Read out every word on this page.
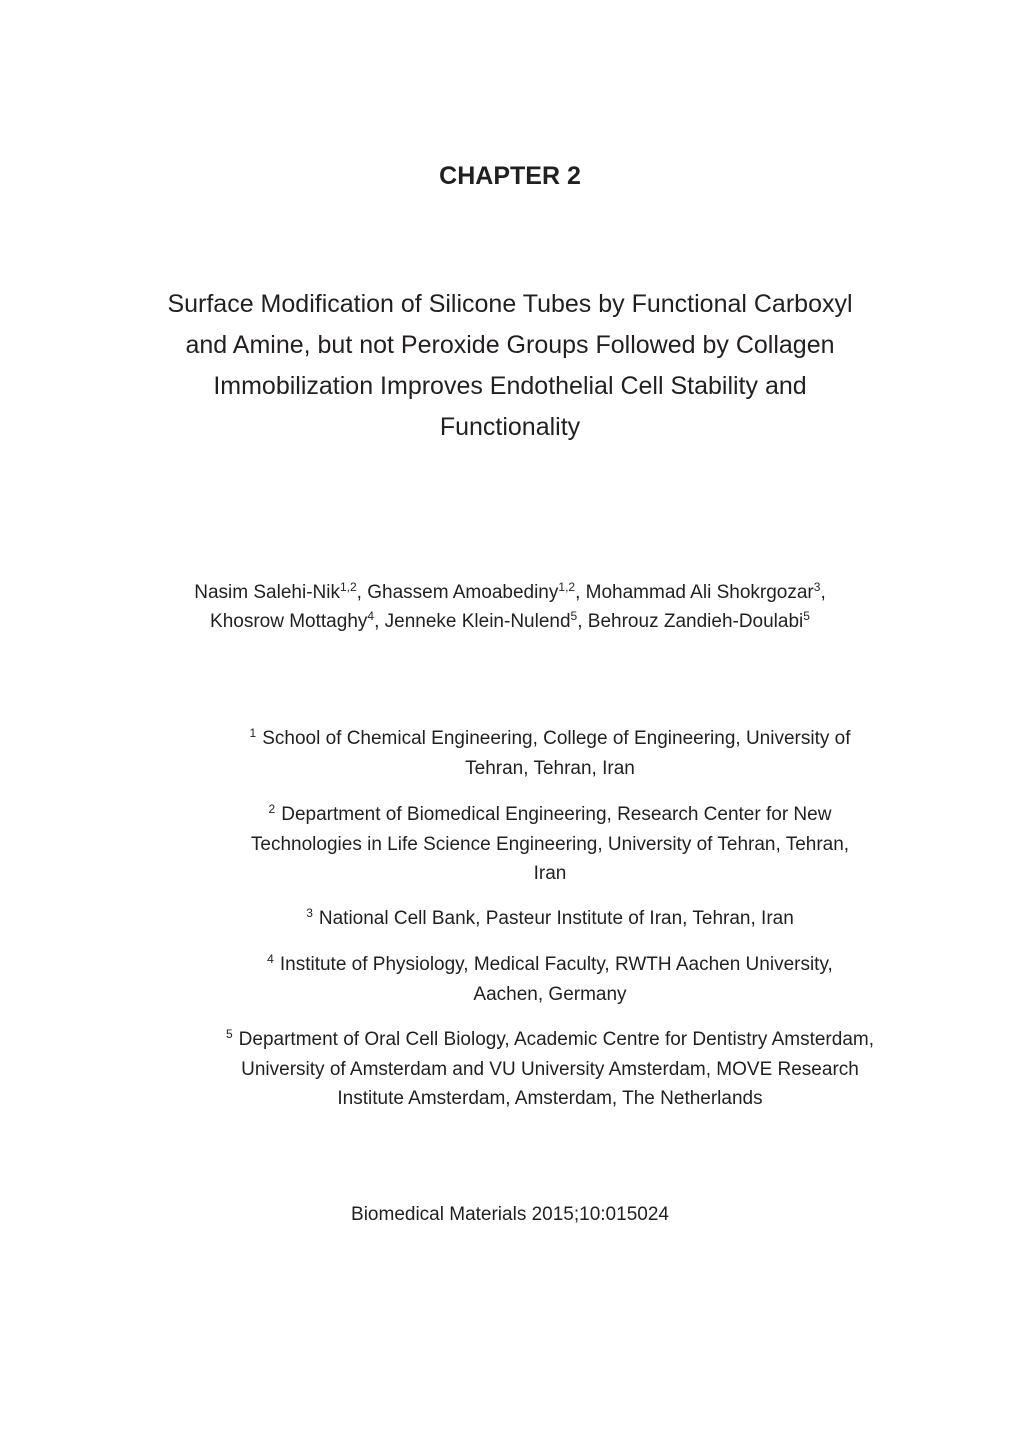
CHAPTER 2
Surface Modification of Silicone Tubes by Functional Carboxyl
and Amine, but not Peroxide Groups Followed by Collagen
Immobilization Improves Endothelial Cell Stability and
Functionality

Nasim Salehi-Nik$^{1,2}$, Ghassem Amoabediny$^{1,2}$, Mohammad Ali Shokrgozar$^3$,
Khosrow Mottaghy$^4$, Jenneke Klein-Nulend$^5$, Behrouz Zandieh-Doulabi$^5$

$^1$ School of Chemical Engineering, College of Engineering, University of
Tehran, Tehran, Iran

$^2$ Department of Biomedical Engineering, Research Center for New
Technologies in Life Science Engineering, University of Tehran, Tehran,
Iran

$^3$ National Cell Bank, Pasteur Institute of Iran, Tehran, Iran

$^4$ Institute of Physiology, Medical Faculty, RWTH Aachen University,
Aachen, Germany

$^5$ Department of Oral Cell Biology, Academic Centre for Dentistry Amsterdam,
University of Amsterdam and VU University Amsterdam, MOVE Research
Institute Amsterdam, Amsterdam, The Netherlands

Biomedical Materials 2015;10:015024
